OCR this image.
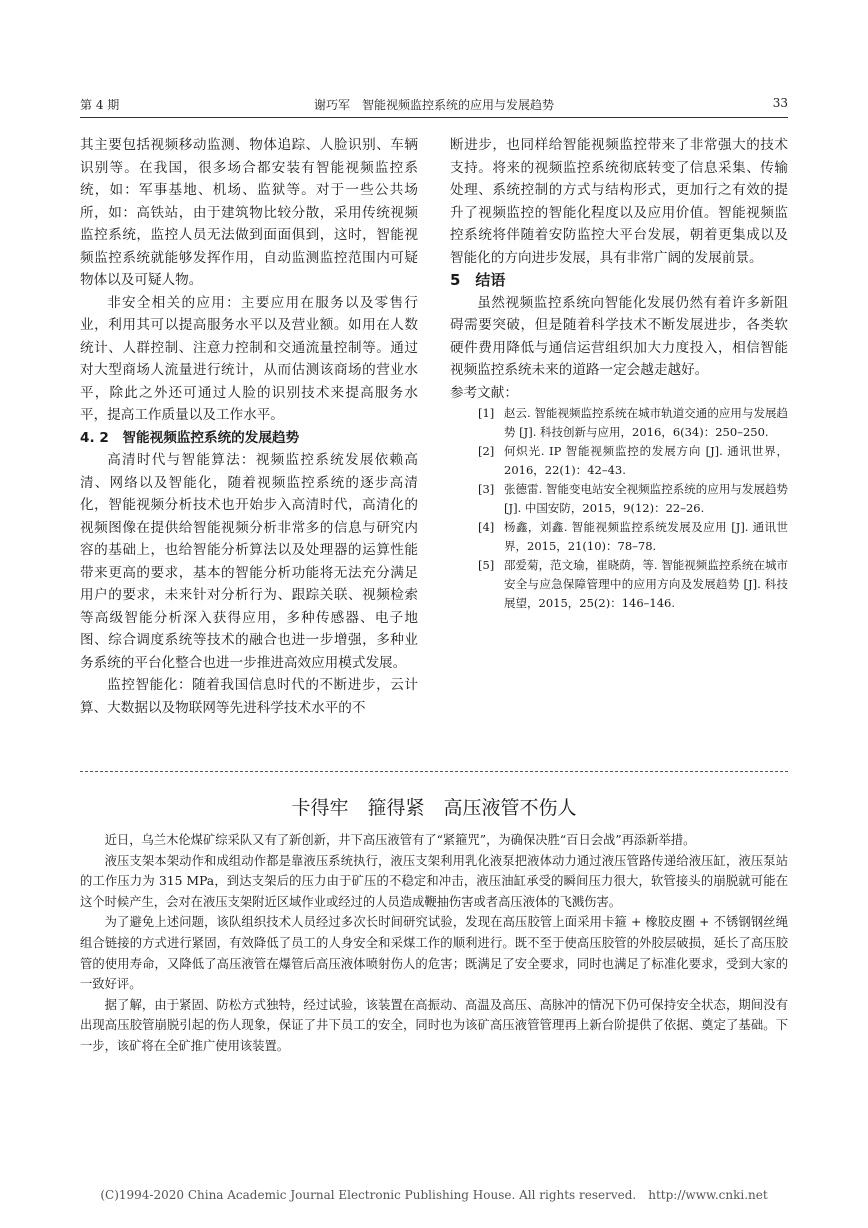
第 4 期	谢巧军　智能视频监控系统的应用与发展趋势	33

其主要包括视频移动监测、物体追踪、人脸识别、车辆识别等。在我国，很多场合都安装有智能视频监控系统，如：军事基地、机场、监狱等。对于一些公共场所，如：高铁站，由于建筑物比较分散，采用传统视频监控系统，监控人员无法做到面面俱到，这时，智能视频监控系统就能够发挥作用，自动监测监控范围内可疑物体以及可疑人物。

非安全相关的应用：主要应用在服务以及零售行业，利用其可以提高服务水平以及营业额。如用在人数统计、人群控制、注意力控制和交通流量控制等。通过对大型商场人流量进行统计，从而估测该商场的营业水平，除此之外还可通过人脸的识别技术来提高服务水平，提高工作质量以及工作水平。

4. 2　智能视频监控系统的发展趋势

高清时代与智能算法：视频监控系统发展依赖高清、网络以及智能化，随着视频监控系统的逐步高清化，智能视频分析技术也开始步入高清时代，高清化的视频图像在提供给智能视频分析非常多的信息与研究内容的基础上，也给智能分析算法以及处理器的运算性能带来更高的要求，基本的智能分析功能将无法充分满足用户的要求，未来针对分析行为、跟踪关联、视频检索等高级智能分析深入获得应用，多种传感器、电子地图、综合调度系统等技术的融合也进一步增强，多种业务系统的平台化整合也进一步推进高效应用模式发展。

监控智能化：随着我国信息时代的不断进步，云计算、大数据以及物联网等先进科学技术水平的不

断进步，也同样给智能视频监控带来了非常强大的技术支持。将来的视频监控系统彻底转变了信息采集、传输处理、系统控制的方式与结构形式，更加行之有效的提升了视频监控的智能化程度以及应用价值。智能视频监控系统将伴随着安防监控大平台发展，朝着更集成以及智能化的方向进步发展，具有非常广阔的发展前景。

5　结语

虽然视频监控系统向智能化发展仍然有着许多新阻碍需要突破，但是随着科学技术不断发展进步，各类软硬件费用降低与通信运营组织加大力度投入，相信智能视频监控系统未来的道路一定会越走越好。

参考文献：

[1] 赵云. 智能视频监控系统在城市轨道交通的应用与发展趋势 [J]. 科技创新与应用，2016，6(34)：250–250.
[2] 何炽光. IP 智能视频监控的发展方向 [J]. 通讯世界，2016，22(1)：42–43.
[3] 张德雷. 智能变电站安全视频监控系统的应用与发展趋势 [J]. 中国安防，2015，9(12)：22–26.
[4] 杨鑫，刘鑫. 智能视频监控系统发展及应用 [J]. 通讯世界，2015，21(10)：78–78.
[5] 邵爱菊，范文瑜，崔晓荫，等. 智能视频监控系统在城市安全与应急保障管理中的应用方向及发展趋势 [J]. 科技展望，2015，25(2)：146–146.
卡得牢　箍得紧　高压液管不伤人

近日，乌兰木伦煤矿综采队又有了新创新，井下高压液管有了“紧箍咒”，为确保决胜“百日会战”再添新举措。

液压支架本架动作和成组动作都是靠液压系统执行，液压支架利用乳化液泵把液体动力通过液压管路传递给液压缸，液压泵站的工作压力为 315 MPa，到达支架后的压力由于矿压的不稳定和冲击，液压油缸承受的瞬间压力很大，软管接头的崩脱就可能在这个时候产生，会对在液压支架附近区域作业或经过的人员造成鞭抽伤害或者高压液体的飞溅伤害。

为了避免上述问题，该队组织技术人员经过多次长时间研究试验，发现在高压胶管上面采用卡箍 + 橡胶皮圈 + 不锈钢钢丝绳组合链接的方式进行紧固，有效降低了员工的人身安全和采煤工作的顺利进行。既不至于使高压胶管的外胶层破损，延长了高压胶管的使用寿命，又降低了高压液管在爆管后高压液体喷射伤人的危害；既满足了安全要求，同时也满足了标准化要求，受到大家的一致好评。

据了解，由于紧固、防松方式独特，经过试验，该装置在高振动、高温及高压、高脉冲的情况下仍可保持安全状态，期间没有出现高压胶管崩脱引起的伤人现象，保证了井下员工的安全，同时也为该矿高压液管管理再上新台阶提供了依据、奠定了基础。下一步，该矿将在全矿推广使用该装置。

(C)1994-2020 China Academic Journal Electronic Publishing House. All rights reserved.　http://www.cnki.net
